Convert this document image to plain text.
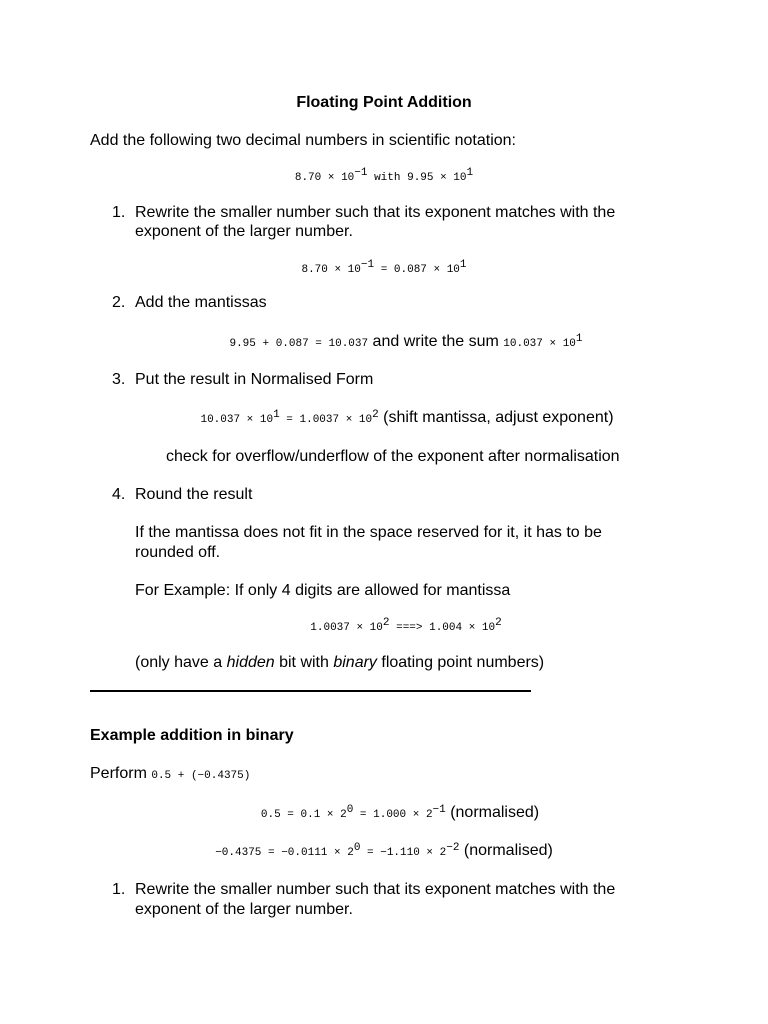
Floating Point Addition
Add the following two decimal numbers in scientific notation:
$8.70 \times 10^{-1}$ with $9.95 \times 10^1$
1. Rewrite the smaller number such that its exponent matches with the
exponent of the larger number.
$8.70 \times 10^{-1} = 0.087 \times 10^1$
2. Add the mantissas
9.95 + 0.087 = 10.037 and write the sum $10.037 \times 10^1$
3. Put the result in Normalised Form
$10.037 \times 10^1 = 1.0037 \times 10^2$ (shift mantissa, adjust exponent)
check for overflow/underflow of the exponent after normalisation
4. Round the result
If the mantissa does not fit in the space reserved for it, it has to be
rounded off.
For Example: If only 4 digits are allowed for mantissa
$1.0037 \times 10^2$ ===> $1.004 \times 10^2$
(only have a hidden bit with binary floating point numbers)
Example addition in binary
Perform 0.5 + (−0.4375)
$0.5 = 0.1 \times 2^0 = 1.000 \times 2^{-1}$ (normalised)
$-0.4375 = -0.0111 \times 2^0 = -1.110 \times 2^{-2}$ (normalised)
1. Rewrite the smaller number such that its exponent matches with the
exponent of the larger number.
